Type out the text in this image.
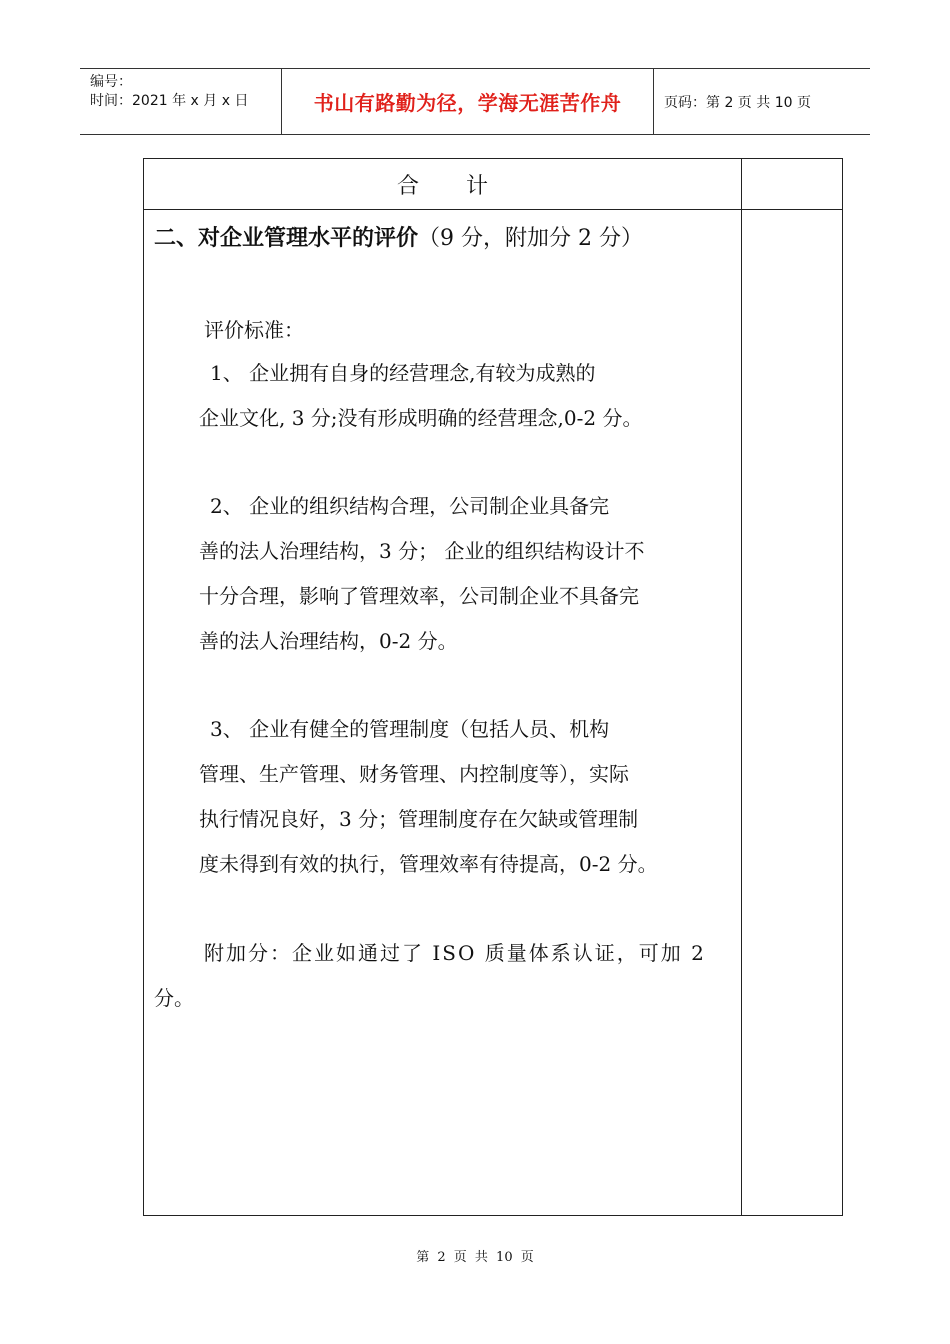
编号：
时间：2021 年 x 月 x 日	书山有路勤为径，学海无涯苦作舟	页码：第 2 页 共 10 页
合 计
二、对企业管理水平的评价（9 分，附加分 2 分）
评价标准：
1、 企业拥有自身的经营理念,有较为成熟的
企业文化, 3 分;没有形成明确的经营理念,0-2 分。
2、 企业的组织结构合理，公司制企业具备完
善的法人治理结构，3 分； 企业的组织结构设计不
十分合理，影响了管理效率，公司制企业不具备完
善的法人治理结构，0-2 分。
3、 企业有健全的管理制度（包括人员、机构
管理、生产管理、财务管理、内控制度等），实际
执行情况良好，3 分；管理制度存在欠缺或管理制
度未得到有效的执行，管理效率有待提高，0-2 分。
附加分：企业如通过了 ISO 质量体系认证，可加 2
分。
第 2 页 共 10 页
